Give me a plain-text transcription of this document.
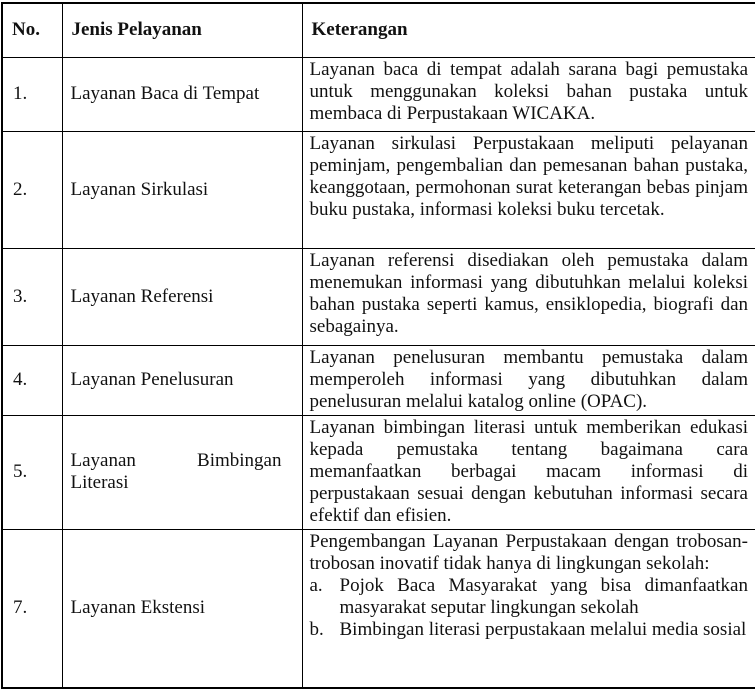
No.	Jenis Pelayanan	Keterangan
1.	Layanan Baca di Tempat	Layanan baca di tempat adalah sarana bagi pemustaka untuk menggunakan koleksi bahan pustaka untuk membaca di Perpustakaan WICAKA.

2.	Layanan Sirkulasi	Layanan sirkulasi Perpustakaan meliputi pelayanan peminjam, pengembalian dan pemesanan bahan pustaka, keanggotaan, permohonan surat keterangan bebas pinjam buku pustaka, informasi koleksi buku tercetak.

3.	Layanan Referensi	Layanan referensi disediakan oleh pemustaka dalam menemukan informasi yang dibutuhkan melalui koleksi bahan pustaka seperti kamus, ensiklopedia, biografi dan sebagainya.

4.	Layanan Penelusuran	Layanan penelusuran membantu pemustaka dalam memperoleh informasi yang dibutuhkan dalam penelusuran melalui katalog online (OPAC).

5.	Layanan Bimbingan Literasi	Layanan bimbingan literasi untuk memberikan edukasi kepada pemustaka tentang bagaimana cara memanfaatkan berbagai macam informasi di perpustakaan sesuai dengan kebutuhan informasi secara efektif dan efisien.

7.	Layanan Ekstensi	Pengembangan Layanan Perpustakaan dengan trobosan-trobosan inovatif tidak hanya di lingkungan sekolah:
a. Pojok Baca Masyarakat yang bisa dimanfaatkan masyarakat seputar lingkungan sekolah
b. Bimbingan literasi perpustakaan melalui media sosial
